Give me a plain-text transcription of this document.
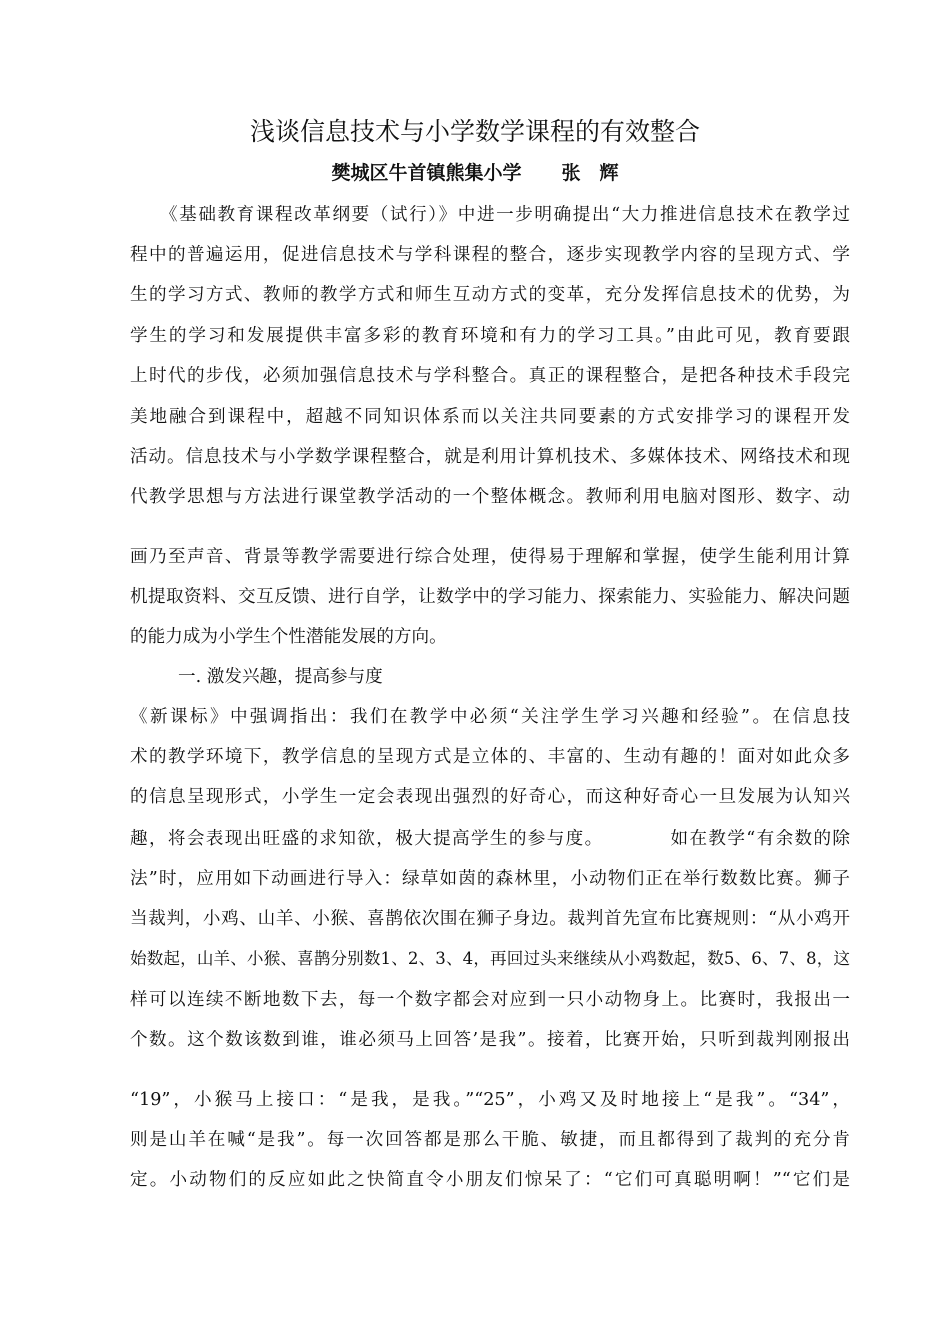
浅谈信息技术与小学数学课程的有效整合
樊城区牛首镇熊集小学 张　辉
《基础教育课程改革纲要（试行）》中进一步明确提出“大力推进信息技术在教学过
程中的普遍运用，促进信息技术与学科课程的整合，逐步实现教学内容的呈现方式、学
生的学习方式、教师的教学方式和师生互动方式的变革，充分发挥信息技术的优势，为
学生的学习和发展提供丰富多彩的教育环境和有力的学习工具。”由此可见，教育要跟
上时代的步伐，必须加强信息技术与学科整合。真正的课程整合，是把各种技术手段完
美地融合到课程中，超越不同知识体系而以关注共同要素的方式安排学习的课程开发
活动。信息技术与小学数学课程整合，就是利用计算机技术、多媒体技术、网络技术和现
代教学思想与方法进行课堂教学活动的一个整体概念。教师利用电脑对图形、数字、动
画乃至声音、背景等教学需要进行综合处理，使得易于理解和掌握，使学生能利用计算
机提取资料、交互反馈、进行自学，让数学中的学习能力、探索能力、实验能力、解决问题
的能力成为小学生个性潜能发展的方向。
一. 激发兴趣，提高参与度
《新课标》中强调指出：我们在教学中必须“关注学生学习兴趣和经验”。在信息技
术的教学环境下，教学信息的呈现方式是立体的、丰富的、生动有趣的！面对如此众多
的信息呈现形式，小学生一定会表现出强烈的好奇心，而这种好奇心一旦发展为认知兴
趣，将会表现出旺盛的求知欲，极大提高学生的参与度。　　　　如在教学“有余数的除
法”时，应用如下动画进行导入：绿草如茵的森林里，小动物们正在举行数数比赛。狮子
当裁判，小鸡、山羊、小猴、喜鹊依次围在狮子身边。裁判首先宣布比赛规则：“从小鸡开
始数起，山羊、小猴、喜鹊分别数1、2、3、4，再回过头来继续从小鸡数起，数5、6、7、8，这
样可以连续不断地数下去，每一个数字都会对应到一只小动物身上。比赛时，我报出一
个数。这个数该数到谁，谁必须马上回答’是我”。接着，比赛开始，只听到裁判刚报出
“19”，小猴马上接口：“是我，是我。”“25”，小鸡又及时地接上“是我”。“34”，
则是山羊在喊“是我”。每一次回答都是那么干脆、敏捷，而且都得到了裁判的充分肯
定。小动物们的反应如此之快简直令小朋友们惊呆了：“它们可真聪明啊！”“它们是
